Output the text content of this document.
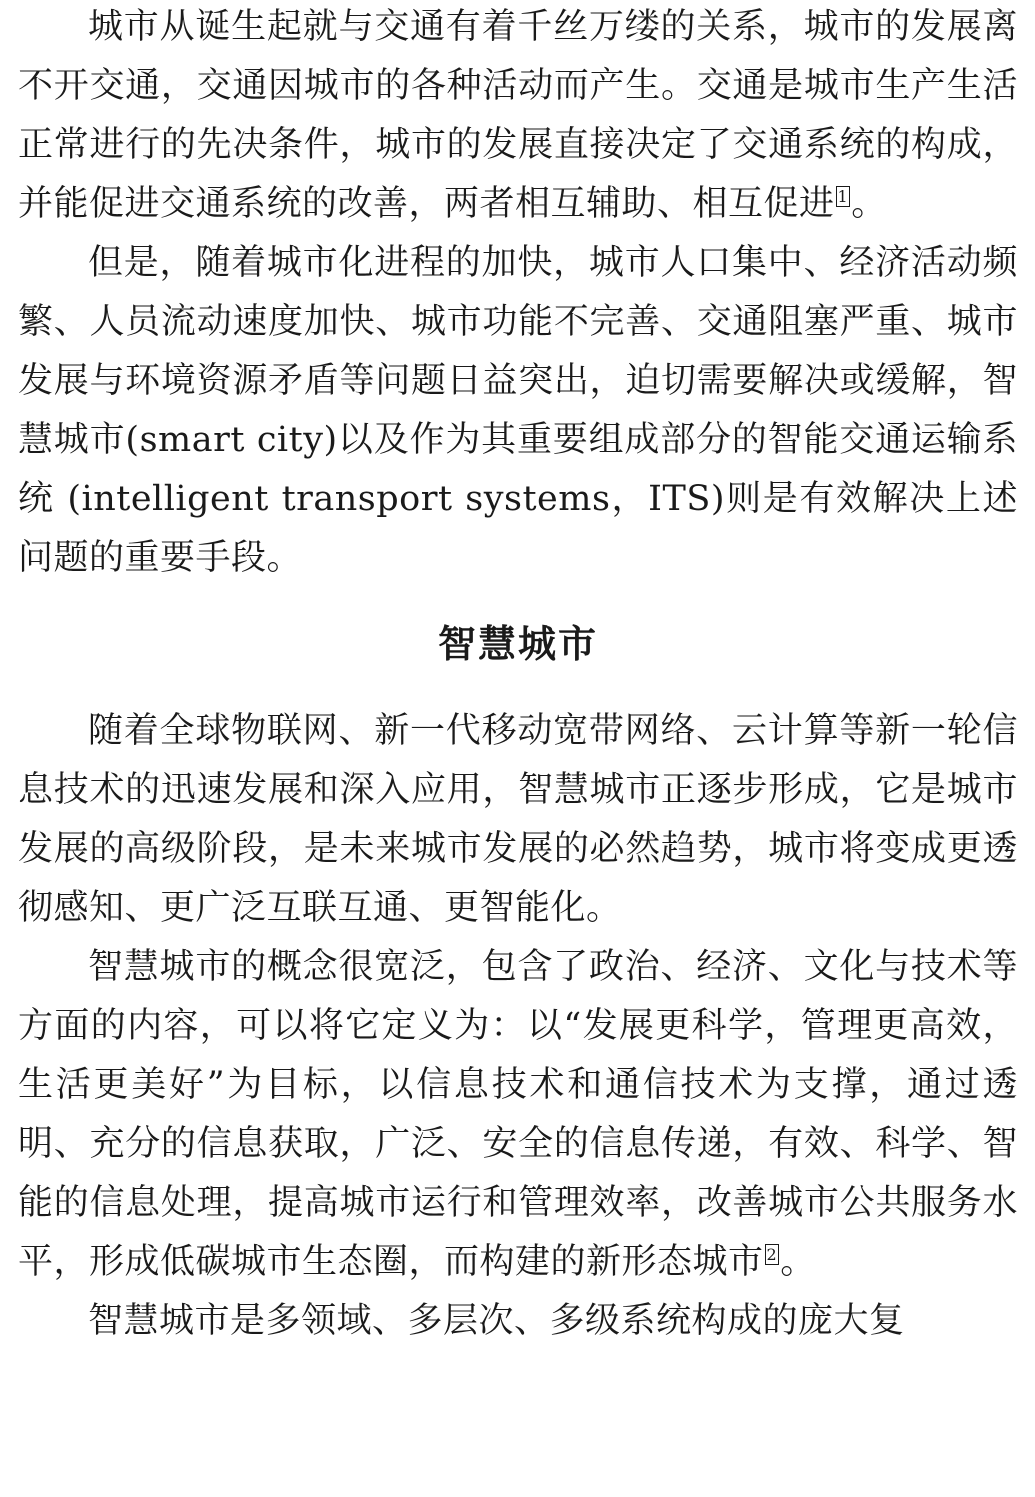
城市从诞生起就与交通有着千丝万缕的关系，城市的发展离不开交通，交通因城市的各种活动而产生。交通是城市生产生活正常进行的先决条件，城市的发展直接决定了交通系统的构成，并能促进交通系统的改善，两者相互辅助、相互促进 $^1$。

但是，随着城市化进程的加快，城市人口集中、经济活动频繁、人员流动速度加快、城市功能不完善、交通阻塞严重、城市发展与环境资源矛盾等问题日益突出，迫切需要解决或缓解，智慧城市(smart city)以及作为其重要组成部分的智能交通运输系统 (intelligent transport systems，ITS)则是有效解决上述问题的重要手段。

智慧城市

随着全球物联网、新一代移动宽带网络、云计算等新一轮信息技术的迅速发展和深入应用，智慧城市正逐步形成，它是城市发展的高级阶段，是未来城市发展的必然趋势，城市将变成更透彻感知、更广泛互联互通、更智能化。

智慧城市的概念很宽泛，包含了政治、经济、文化与技术等方面的内容，可以将它定义为：以“发展更科学，管理更高效，生活更美好”为目标，以信息技术和通信技术为支撑，通过透明、充分的信息获取，广泛、安全的信息传递，有效、科学、智能的信息处理，提高城市运行和管理效率，改善城市公共服务水平，形成低碳城市生态圈，而构建的新形态城市 $^2$。

智慧城市是多领域、多层次、多级系统构成的庞大复
